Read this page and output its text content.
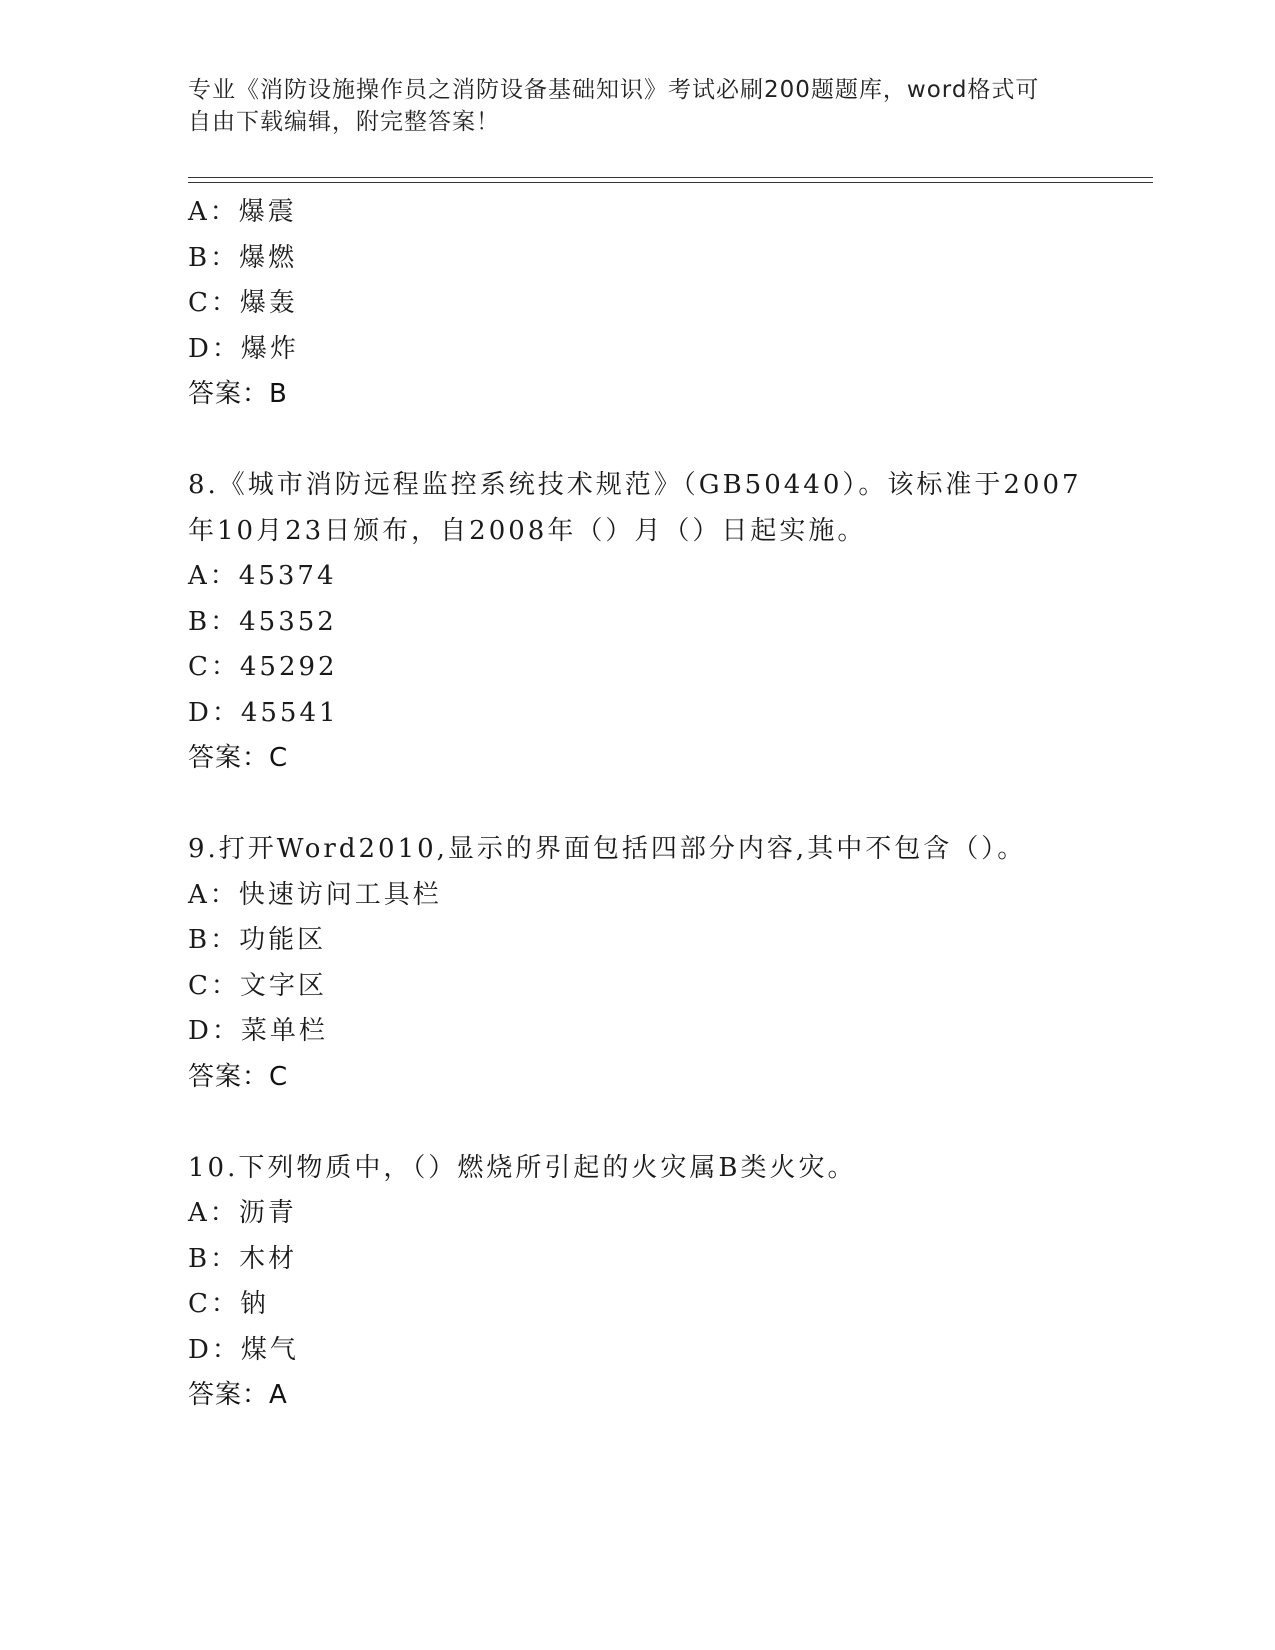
专业《消防设施操作员之消防设备基础知识》考试必刷200题题库，word格式可
自由下载编辑，附完整答案！
A：爆震
B：爆燃
C：爆轰
D：爆炸
答案：B
8.《城市消防远程监控系统技术规范》（GB50440）。该标准于2007
年10月23日颁布，自2008年（）月（）日起实施。
A：45374
B：45352
C：45292
D：45541
答案：C
9.打开Word2010,显示的界面包括四部分内容,其中不包含（）。
A：快速访问工具栏
B：功能区
C：文字区
D：菜单栏
答案：C
10.下列物质中，（）燃烧所引起的火灾属B类火灾。
A：沥青
B：木材
C：钠
D：煤气
答案：A
